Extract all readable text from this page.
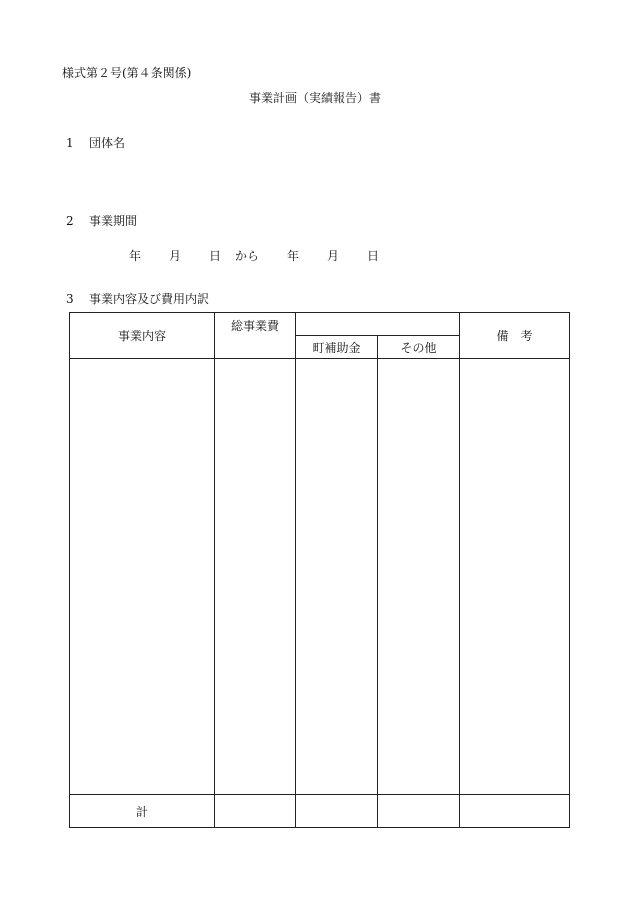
様式第２号(第４条関係)
事業計画（実績報告）書
1 団体名
2 事業期間
年 月 日 から 年 月 日
3 事業内容及び費用内訳
事業内容	総事業費			備　考
		町補助金	その他	

計				
